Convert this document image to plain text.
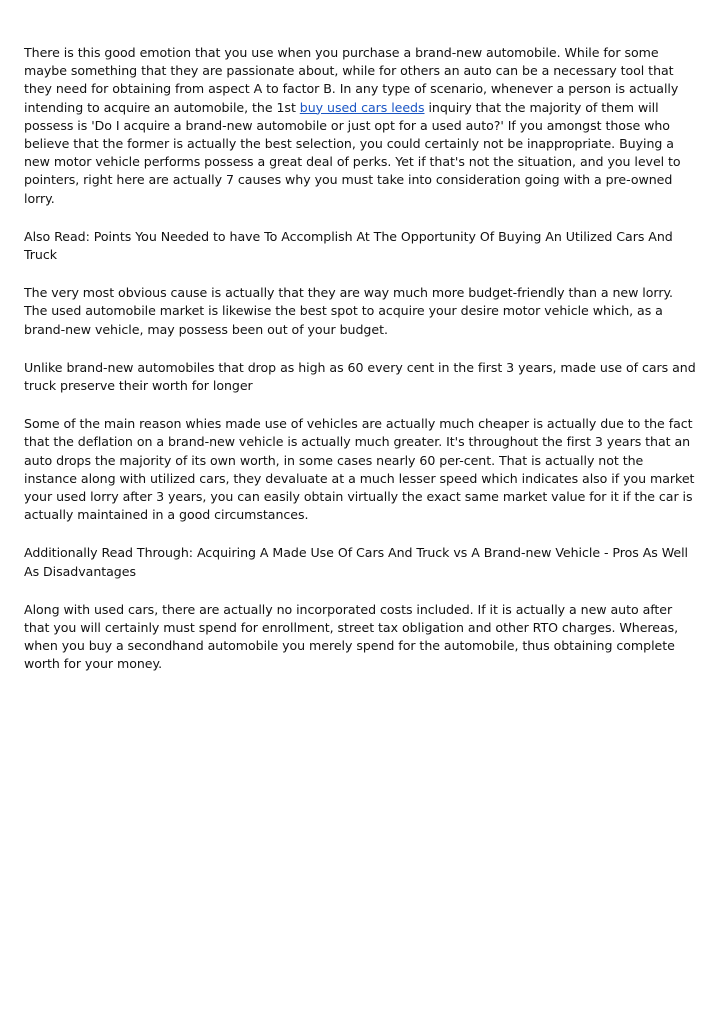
There is this good emotion that you use when you purchase a brand-new automobile. While for some maybe something that they are passionate about, while for others an auto can be a necessary tool that they need for obtaining from aspect A to factor B. In any type of scenario, whenever a person is actually intending to acquire an automobile, the 1st buy used cars leeds inquiry that the majority of them will possess is 'Do I acquire a brand-new automobile or just opt for a used auto?' If you amongst those who believe that the former is actually the best selection, you could certainly not be inappropriate. Buying a new motor vehicle performs possess a great deal of perks. Yet if that's not the situation, and you level to pointers, right here are actually 7 causes why you must take into consideration going with a pre-owned lorry.

Also Read: Points You Needed to have To Accomplish At The Opportunity Of Buying An Utilized Cars And Truck

The very most obvious cause is actually that they are way much more budget-friendly than a new lorry. The used automobile market is likewise the best spot to acquire your desire motor vehicle which, as a brand-new vehicle, may possess been out of your budget.

Unlike brand-new automobiles that drop as high as 60 every cent in the first 3 years, made use of cars and truck preserve their worth for longer

Some of the main reason whies made use of vehicles are actually much cheaper is actually due to the fact that the deflation on a brand-new vehicle is actually much greater. It's throughout the first 3 years that an auto drops the majority of its own worth, in some cases nearly 60 per-cent. That is actually not the instance along with utilized cars, they devaluate at a much lesser speed which indicates also if you market your used lorry after 3 years, you can easily obtain virtually the exact same market value for it if the car is actually maintained in a good circumstances.

Additionally Read Through: Acquiring A Made Use Of Cars And Truck vs A Brand-new Vehicle - Pros As Well As Disadvantages

Along with used cars, there are actually no incorporated costs included. If it is actually a new auto after that you will certainly must spend for enrollment, street tax obligation and other RTO charges. Whereas, when you buy a secondhand automobile you merely spend for the automobile, thus obtaining complete worth for your money.
